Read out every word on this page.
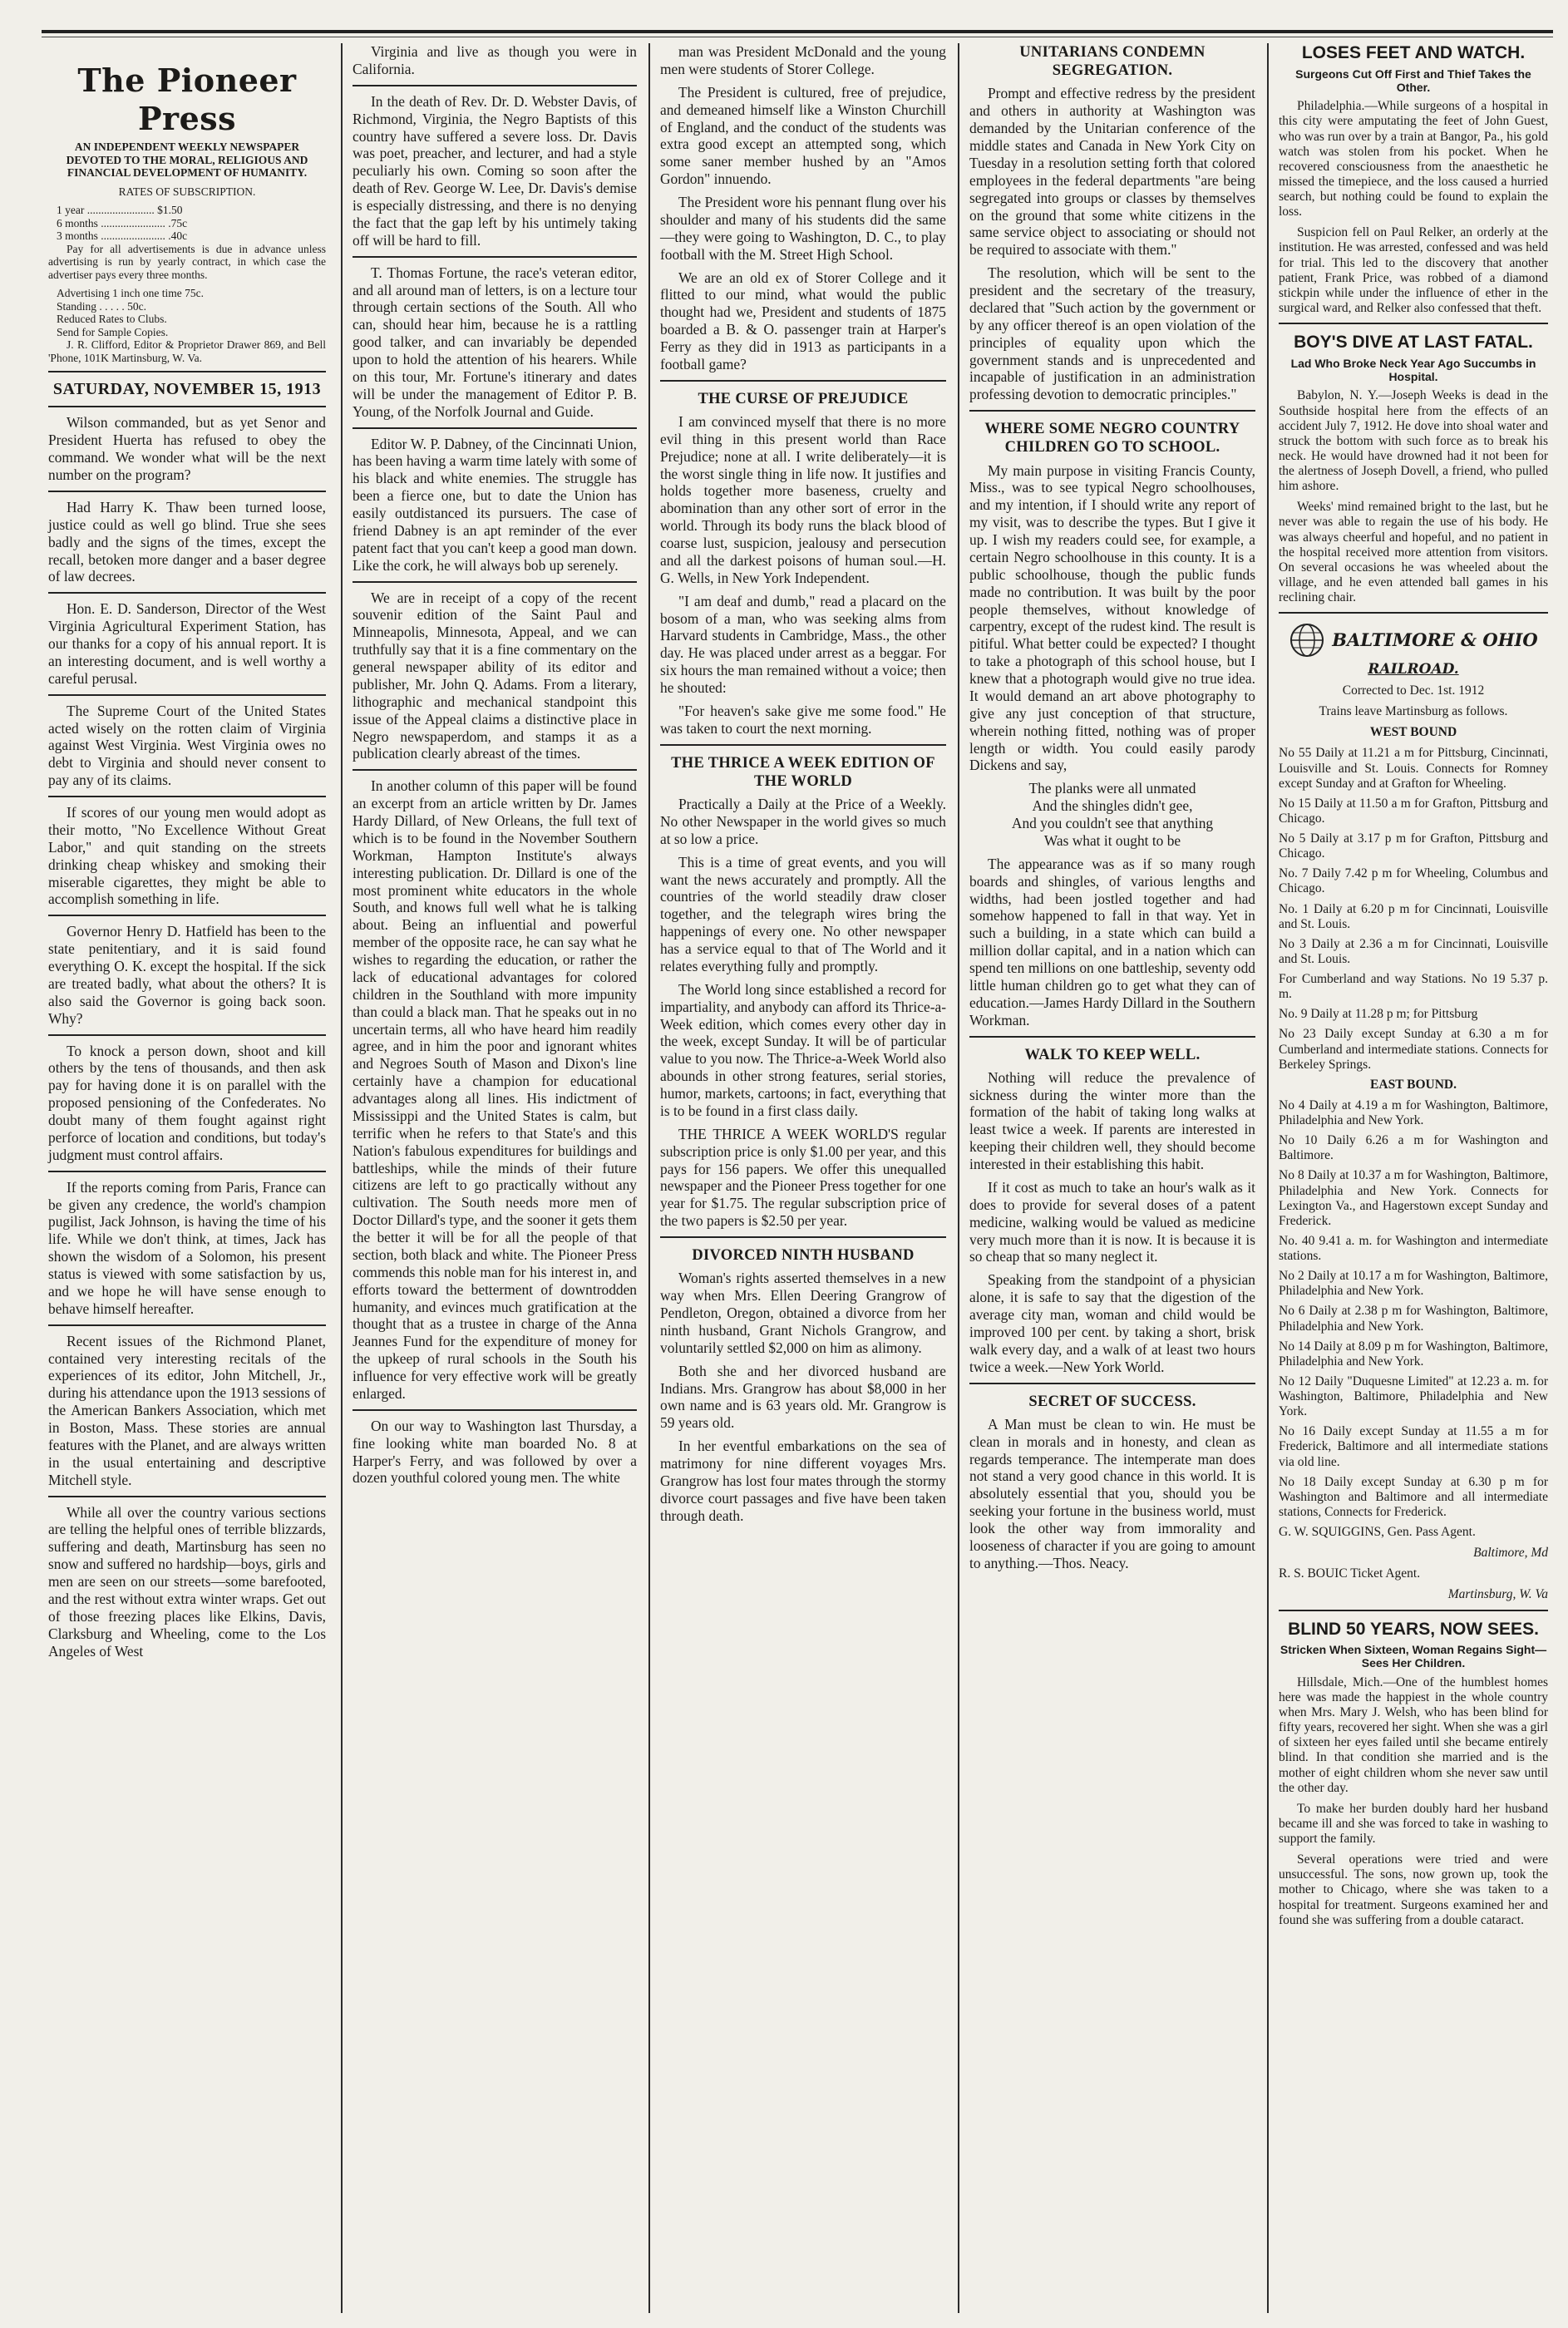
The Pioneer Press

AN INDEPENDENT WEEKLY NEWSPAPER DEVOTED TO THE MORAL, RELIGIOUS AND FINANCIAL DEVELOPMENT OF HUMANITY.

RATES OF SUBSCRIPTION.

1 year ........................ $1.50

6 months ....................... .75c

3 months ....................... .40c

Pay for all advertisements is due in advance unless advertising is run by yearly contract, in which case the advertiser pays every three months.

Advertising 1 inch one time 75c.

Standing . . . . . 50c.

Reduced Rates to Clubs.

Send for Sample Copies.

J. R. Clifford, Editor & Proprietor Drawer 869, and Bell 'Phone, 101K Martinsburg, W. Va.

SATURDAY, NOVEMBER 15, 1913

Wilson commanded, but as yet Senor and President Huerta has refused to obey the command. We wonder what will be the next number on the program?

Had Harry K. Thaw been turned loose, justice could as well go blind. True she sees badly and the signs of the times, except the recall, betoken more danger and a baser degree of law decrees.

Hon. E. D. Sanderson, Director of the West Virginia Agricultural Experiment Station, has our thanks for a copy of his annual report. It is an interesting document, and is well worthy a careful perusal.

The Supreme Court of the United States acted wisely on the rotten claim of Virginia against West Virginia. West Virginia owes no debt to Virginia and should never consent to pay any of its claims.

If scores of our young men would adopt as their motto, "No Excellence Without Great Labor," and quit standing on the streets drinking cheap whiskey and smoking their miserable cigarettes, they might be able to accomplish something in life.

Governor Henry D. Hatfield has been to the state penitentiary, and it is said found everything O. K. except the hospital. If the sick are treated badly, what about the others? It is also said the Governor is going back soon. Why?

To knock a person down, shoot and kill others by the tens of thousands, and then ask pay for having done it is on parallel with the proposed pensioning of the Confederates. No doubt many of them fought against right perforce of location and conditions, but today's judgment must control affairs.

If the reports coming from Paris, France can be given any credence, the world's champion pugilist, Jack Johnson, is having the time of his life. While we don't think, at times, Jack has shown the wisdom of a Solomon, his present status is viewed with some satisfaction by us, and we hope he will have sense enough to behave himself hereafter.

Recent issues of the Richmond Planet, contained very interesting recitals of the experiences of its editor, John Mitchell, Jr., during his attendance upon the 1913 sessions of the American Bankers Association, which met in Boston, Mass. These stories are annual features with the Planet, and are always written in the usual entertaining and descriptive Mitchell style.

While all over the country various sections are telling the helpful ones of terrible blizzards, suffering and death, Martinsburg has seen no snow and suffered no hardship—boys, girls and men are seen on our streets—some barefooted, and the rest without extra winter wraps. Get out of those freezing places like Elkins, Davis, Clarksburg and Wheeling, come to the Los Angeles of West

Virginia and live as though you were in California.

In the death of Rev. Dr. D. Webster Davis, of Richmond, Virginia, the Negro Baptists of this country have suffered a severe loss. Dr. Davis was poet, preacher, and lecturer, and had a style peculiarly his own. Coming so soon after the death of Rev. George W. Lee, Dr. Davis's demise is especially distressing, and there is no denying the fact that the gap left by his untimely taking off will be hard to fill.

T. Thomas Fortune, the race's veteran editor, and all around man of letters, is on a lecture tour through certain sections of the South. All who can, should hear him, because he is a rattling good talker, and can invariably be depended upon to hold the attention of his hearers. While on this tour, Mr. Fortune's itinerary and dates will be under the management of Editor P. B. Young, of the Norfolk Journal and Guide.

Editor W. P. Dabney, of the Cincinnati Union, has been having a warm time lately with some of his black and white enemies. The struggle has been a fierce one, but to date the Union has easily outdistanced its pursuers. The case of friend Dabney is an apt reminder of the ever patent fact that you can't keep a good man down. Like the cork, he will always bob up serenely.

We are in receipt of a copy of the recent souvenir edition of the Saint Paul and Minneapolis, Minnesota, Appeal, and we can truthfully say that it is a fine commentary on the general newspaper ability of its editor and publisher, Mr. John Q. Adams. From a literary, lithographic and mechanical standpoint this issue of the Appeal claims a distinctive place in Negro newspaperdom, and stamps it as a publication clearly abreast of the times.

In another column of this paper will be found an excerpt from an article written by Dr. James Hardy Dillard, of New Orleans, the full text of which is to be found in the November Southern Workman, Hampton Institute's always interesting publication. Dr. Dillard is one of the most prominent white educators in the whole South, and knows full well what he is talking about. Being an influential and powerful member of the opposite race, he can say what he wishes to regarding the education, or rather the lack of educational advantages for colored children in the Southland with more impunity than could a black man. That he speaks out in no uncertain terms, all who have heard him readily agree, and in him the poor and ignorant whites and Negroes South of Mason and Dixon's line certainly have a champion for educational advantages along all lines. His indictment of Mississippi and the United States is calm, but terrific when he refers to that State's and this Nation's fabulous expenditures for buildings and battleships, while the minds of their future citizens are left to go practically without any cultivation. The South needs more men of Doctor Dillard's type, and the sooner it gets them the better it will be for all the people of that section, both black and white. The Pioneer Press commends this noble man for his interest in, and efforts toward the betterment of downtrodden humanity, and evinces much gratification at the thought that as a trustee in charge of the Anna Jeannes Fund for the expenditure of money for the upkeep of rural schools in the South his influence for very effective work will be greatly enlarged.

On our way to Washington last Thursday, a fine looking white man boarded No. 8 at Harper's Ferry, and was followed by over a dozen youthful colored young men. The white

man was President McDonald and the young men were students of Storer College.

The President is cultured, free of prejudice, and demeaned himself like a Winston Churchill of England, and the conduct of the students was extra good except an attempted song, which some saner member hushed by an "Amos Gordon" innuendo.

The President wore his pennant flung over his shoulder and many of his students did the same—they were going to Washington, D. C., to play football with the M. Street High School.

We are an old ex of Storer College and it flitted to our mind, what would the public thought had we, President and students of 1875 boarded a B. & O. passenger train at Harper's Ferry as they did in 1913 as participants in a football game?

THE CURSE OF PREJUDICE

I am convinced myself that there is no more evil thing in this present world than Race Prejudice; none at all. I write deliberately—it is the worst single thing in life now. It justifies and holds together more baseness, cruelty and abomination than any other sort of error in the world. Through its body runs the black blood of coarse lust, suspicion, jealousy and persecution and all the darkest poisons of human soul.—H. G. Wells, in New York Independent.

"I am deaf and dumb," read a placard on the bosom of a man, who was seeking alms from Harvard students in Cambridge, Mass., the other day. He was placed under arrest as a beggar. For six hours the man remained without a voice; then he shouted:

"For heaven's sake give me some food." He was taken to court the next morning.

THE THRICE A WEEK EDITION OF THE WORLD

Practically a Daily at the Price of a Weekly. No other Newspaper in the world gives so much at so low a price.

This is a time of great events, and you will want the news accurately and promptly. All the countries of the world steadily draw closer together, and the telegraph wires bring the happenings of every one. No other newspaper has a service equal to that of The World and it relates everything fully and promptly.

The World long since established a record for impartiality, and anybody can afford its Thrice-a-Week edition, which comes every other day in the week, except Sunday. It will be of particular value to you now. The Thrice-a-Week World also abounds in other strong features, serial stories, humor, markets, cartoons; in fact, everything that is to be found in a first class daily.

THE THRICE A WEEK WORLD'S regular subscription price is only $1.00 per year, and this pays for 156 papers. We offer this unequalled newspaper and the Pioneer Press together for one year for $1.75. The regular subscription price of the two papers is $2.50 per year.

DIVORCED NINTH HUSBAND

Woman's rights asserted themselves in a new way when Mrs. Ellen Deering Grangrow of Pendleton, Oregon, obtained a divorce from her ninth husband, Grant Nichols Grangrow, and voluntarily settled $2,000 on him as alimony.

Both she and her divorced husband are Indians. Mrs. Grangrow has about $8,000 in her own name and is 63 years old. Mr. Grangrow is 59 years old.

In her eventful embarkations on the sea of matrimony for nine different voyages Mrs. Grangrow has lost four mates through the stormy divorce court passages and five have been taken through death.

UNITARIANS CONDEMN SEGREGATION.

Prompt and effective redress by the president and others in authority at Washington was demanded by the Unitarian conference of the middle states and Canada in New York City on Tuesday in a resolution setting forth that colored employees in the federal departments "are being segregated into groups or classes by themselves on the ground that some white citizens in the same service object to associating or should not be required to associate with them."

The resolution, which will be sent to the president and the secretary of the treasury, declared that "Such action by the government or by any officer thereof is an open violation of the principles of equality upon which the government stands and is unprecedented and incapable of justification in an administration professing devotion to democratic principles."

WHERE SOME NEGRO COUNTRY CHILDREN GO TO SCHOOL.

My main purpose in visiting Francis County, Miss., was to see typical Negro schoolhouses, and my intention, if I should write any report of my visit, was to describe the types. But I give it up. I wish my readers could see, for example, a certain Negro schoolhouse in this county. It is a public schoolhouse, though the public funds made no contribution. It was built by the poor people themselves, without knowledge of carpentry, except of the rudest kind. The result is pitiful. What better could be expected? I thought to take a photograph of this school house, but I knew that a photograph would give no true idea. It would demand an art above photography to give any just conception of that structure, wherein nothing fitted, nothing was of proper length or width. You could easily parody Dickens and say,

The planks were all unmated

And the shingles didn't gee,

And you couldn't see that anything

Was what it ought to be

The appearance was as if so many rough boards and shingles, of various lengths and widths, had been jostled together and had somehow happened to fall in that way. Yet in such a building, in a state which can build a million dollar capital, and in a nation which can spend ten millions on one battleship, seventy odd little human children go to get what they can of education.—James Hardy Dillard in the Southern Workman.

WALK TO KEEP WELL.

Nothing will reduce the prevalence of sickness during the winter more than the formation of the habit of taking long walks at least twice a week. If parents are interested in keeping their children well, they should become interested in their establishing this habit.

If it cost as much to take an hour's walk as it does to provide for several doses of a patent medicine, walking would be valued as medicine very much more than it is now. It is because it is so cheap that so many neglect it.

Speaking from the standpoint of a physician alone, it is safe to say that the digestion of the average city man, woman and child would be improved 100 per cent. by taking a short, brisk walk every day, and a walk of at least two hours twice a week.—New York World.

SECRET OF SUCCESS.

A Man must be clean to win. He must be clean in morals and in honesty, and clean as regards temperance. The intemperate man does not stand a very good chance in this world. It is absolutely essential that you, should you be seeking your fortune in the business world, must look the other way from immorality and looseness of character if you are going to amount to anything.—Thos. Neacy.

LOSES FEET AND WATCH.

Surgeons Cut Off First and Thief Takes the Other.

Philadelphia.—While surgeons of a hospital in this city were amputating the feet of John Guest, who was run over by a train at Bangor, Pa., his gold watch was stolen from his pocket. When he recovered consciousness from the anaesthetic he missed the timepiece, and the loss caused a hurried search, but nothing could be found to explain the loss.

Suspicion fell on Paul Relker, an orderly at the institution. He was arrested, confessed and was held for trial. This led to the discovery that another patient, Frank Price, was robbed of a diamond stickpin while under the influence of ether in the surgical ward, and Relker also confessed that theft.

BOY'S DIVE AT LAST FATAL.

Lad Who Broke Neck Year Ago Succumbs in Hospital.

Babylon, N. Y.—Joseph Weeks is dead in the Southside hospital here from the effects of an accident July 7, 1912. He dove into shoal water and struck the bottom with such force as to break his neck. He would have drowned had it not been for the alertness of Joseph Dovell, a friend, who pulled him ashore.

Weeks' mind remained bright to the last, but he never was able to regain the use of his body. He was always cheerful and hopeful, and no patient in the hospital received more attention from visitors. On several occasions he was wheeled about the village, and he even attended ball games in his reclining chair.

BALTIMORE & OHIO
RAILROAD.

Corrected to Dec. 1st. 1912

Trains leave Martinsburg as follows.

WEST BOUND

No 55 Daily at 11.21 a m for Pittsburg, Cincinnati, Louisville and St. Louis. Connects for Romney except Sunday and at Grafton for Wheeling.

No 15 Daily at 11.50 a m for Grafton, Pittsburg and Chicago.

No 5 Daily at 3.17 p m for Grafton, Pittsburg and Chicago.

No. 7 Daily 7.42 p m for Wheeling, Columbus and Chicago.

No. 1 Daily at 6.20 p m for Cincinnati, Louisville and St. Louis.

No 3 Daily at 2.36 a m for Cincinnati, Louisville and St. Louis.

For Cumberland and way Stations. No 19 5.37 p. m.

No. 9 Daily at 11.28 p m; for Pittsburg

No 23 Daily except Sunday at 6.30 a m for Cumberland and intermediate stations. Connects for Berkeley Springs.

EAST BOUND.

No 4 Daily at 4.19 a m for Washington, Baltimore, Philadelphia and New York.

No 10 Daily 6.26 a m for Washington and Baltimore.

No 8 Daily at 10.37 a m for Washington, Baltimore, Philadelphia and New York. Connects for Lexington Va., and Hagerstown except Sunday and Frederick.

No. 40 9.41 a. m. for Washington and intermediate stations.

No 2 Daily at 10.17 a m for Washington, Baltimore, Philadelphia and New York.

No 6 Daily at 2.38 p m for Washington, Baltimore, Philadelphia and New York.

No 14 Daily at 8.09 p m for Washington, Baltimore, Philadelphia and New York.

No 12 Daily "Duquesne Limited" at 12.23 a. m. for Washington, Baltimore, Philadelphia and New York.

No 16 Daily except Sunday at 11.55 a m for Frederick, Baltimore and all intermediate stations via old line.

No 18 Daily except Sunday at 6.30 p m for Washington and Baltimore and all intermediate stations, Connects for Frederick.

G. W. SQUIGGINS, Gen. Pass Agent.

Baltimore, Md

R. S. BOUIC Ticket Agent.

Martinsburg, W. Va

BLIND 50 YEARS, NOW SEES.

Stricken When Sixteen, Woman Regains Sight—Sees Her Children.

Hillsdale, Mich.—One of the humblest homes here was made the happiest in the whole country when Mrs. Mary J. Welsh, who has been blind for fifty years, recovered her sight. When she was a girl of sixteen her eyes failed until she became entirely blind. In that condition she married and is the mother of eight children whom she never saw until the other day.

To make her burden doubly hard her husband became ill and she was forced to take in washing to support the family.

Several operations were tried and were unsuccessful. The sons, now grown up, took the mother to Chicago, where she was taken to a hospital for treatment. Surgeons examined her and found she was suffering from a double cataract.
